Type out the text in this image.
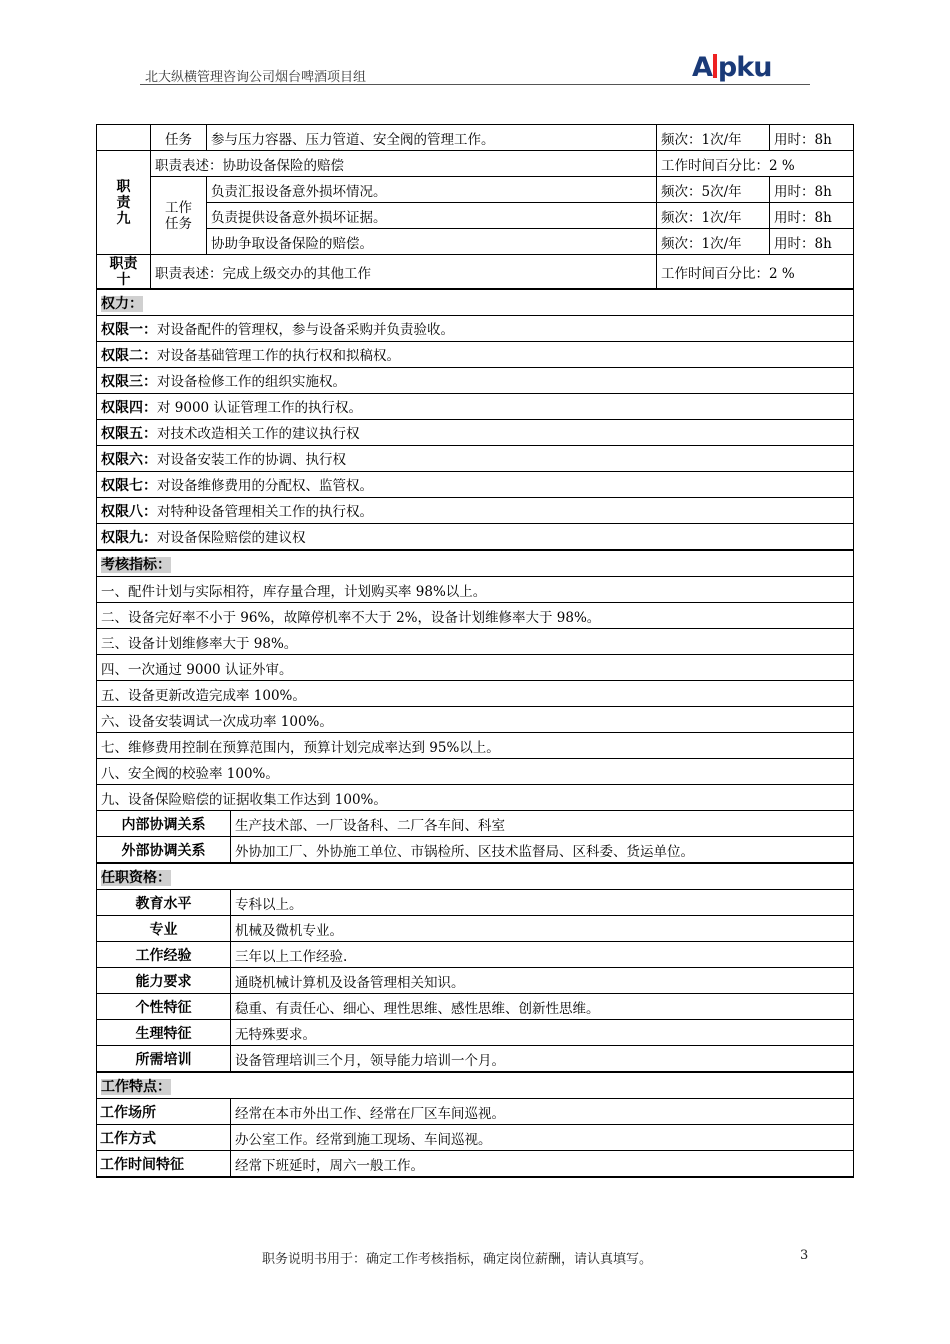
北大纵横管理咨询公司烟台啤酒项目组	A pku
	任务	参与压力容器、压力管道、安全阀的管理工作。	频次：1次/年	用时：8h

职责九	职责表述：协助设备保险的赔偿		工作时间百分比：2 %	

	工作任务	负责汇报设备意外损坏情况。	频次：5次/年	用时：8h
		负责提供设备意外损坏证据。	频次：1次/年	用时：8h
		协助争取设备保险的赔偿。	频次：1次/年	用时：8h

职责十	职责表述：完成上级交办的其他工作		工作时间百分比：2 %	
权力：
权限一：对设备配件的管理权，参与设备采购并负责验收。
权限二：对设备基础管理工作的执行权和拟稿权。
权限三：对设备检修工作的组织实施权。
权限四：对 9000 认证管理工作的执行权。
权限五：对技术改造相关工作的建议执行权
权限六：对设备安装工作的协调、执行权
权限七：对设备维修费用的分配权、监管权。
权限八：对特种设备管理相关工作的执行权。
权限九：对设备保险赔偿的建议权
考核指标：
一、配件计划与实际相符，库存量合理，计划购买率 98%以上。
二、设备完好率不小于 96%，故障停机率不大于 2%，设备计划维修率大于 98%。
三、设备计划维修率大于 98%。
四、一次通过 9000 认证外审。
五、设备更新改造完成率 100%。
六、设备安装调试一次成功率 100%。
七、维修费用控制在预算范围内，预算计划完成率达到 95%以上。
八、安全阀的校验率 100%。
九、设备保险赔偿的证据收集工作达到 100%。
内部协调关系	生产技术部、一厂设备科、二厂各车间、科室
外部协调关系	外协加工厂、外协施工单位、市锅检所、区技术监督局、区科委、货运单位。
任职资格：	
教育水平	专科以上。
专业	机械及微机专业。
工作经验	三年以上工作经验.
能力要求	通晓机械计算机及设备管理相关知识。
个性特征	稳重、有责任心、细心、理性思维、感性思维、创新性思维。
生理特征	无特殊要求。
所需培训	设备管理培训三个月，领导能力培训一个月。
工作特点：	
工作场所	经常在本市外出工作、经常在厂区车间巡视。
工作方式	办公室工作。经常到施工现场、车间巡视。
工作时间特征	经常下班延时，周六一般工作。
职务说明书用于：确定工作考核指标，确定岗位薪酬，请认真填写。	3
